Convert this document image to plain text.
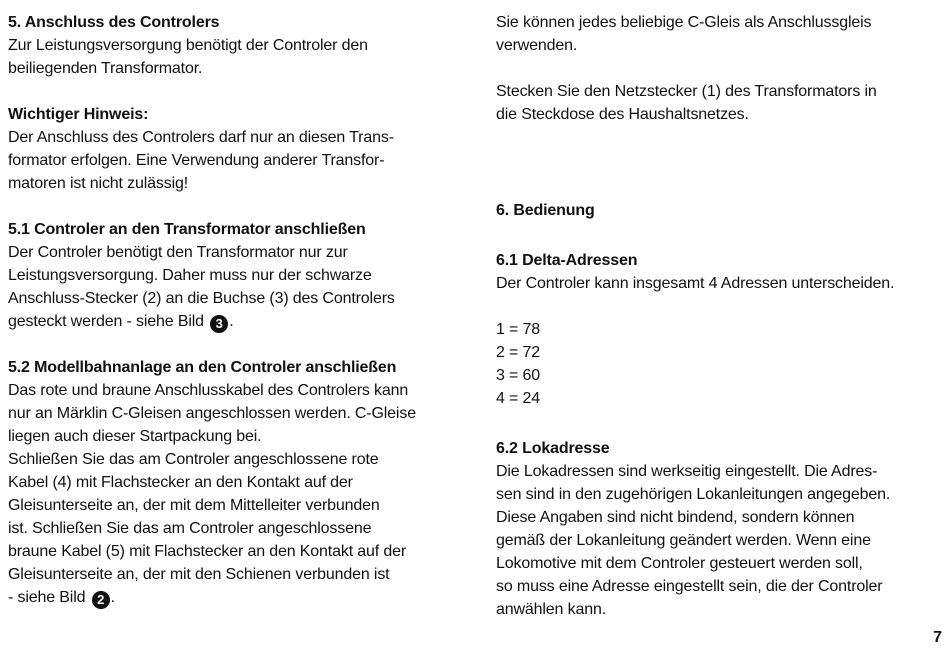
5. Anschluss des Controlers
Zur Leistungsversorgung benötigt der Controler den
beiliegenden Transformator.
Wichtiger Hinweis:
Der Anschluss des Controlers darf nur an diesen Trans-
formator erfolgen. Eine Verwendung anderer Transfor-
matoren ist nicht zulässig!
5.1 Controler an den Transformator anschließen
Der Controler benötigt den Transformator nur zur
Leistungsversorgung. Daher muss nur der schwarze
Anschluss-Stecker (2) an die Buchse (3) des Controlers
gesteckt werden - siehe Bild 3 .
5.2 Modellbahnanlage an den Controler anschließen
Das rote und braune Anschlusskabel des Controlers kann
nur an Märklin C-Gleisen angeschlossen werden. C-Gleise
liegen auch dieser Startpackung bei.
Schließen Sie das am Controler angeschlossene rote
Kabel (4) mit Flachstecker an den Kontakt auf der
Gleisunterseite an, der mit dem Mittelleiter verbunden
ist. Schließen Sie das am Controler angeschlossene
braune Kabel (5) mit Flachstecker an den Kontakt auf der
Gleisunterseite an, der mit den Schienen verbunden ist
- siehe Bild 2 .
Sie können jedes beliebige C-Gleis als Anschlussgleis
verwenden.
Stecken Sie den Netzstecker (1) des Transformators in
die Steckdose des Haushaltsnetzes.
6. Bedienung
6.1 Delta-Adressen
Der Controler kann insgesamt 4 Adressen unterscheiden.
1 = 78
2 = 72
3 = 60
4 = 24
6.2 Lokadresse
Die Lokadressen sind werkseitig eingestellt. Die Adres-
sen sind in den zugehörigen Lokanleitungen angegeben.
Diese Angaben sind nicht bindend, sondern können
gemäß der Lokanleitung geändert werden. Wenn eine
Lokomotive mit dem Controler gesteuert werden soll,
so muss eine Adresse eingestellt sein, die der Controler
anwählen kann.
7
